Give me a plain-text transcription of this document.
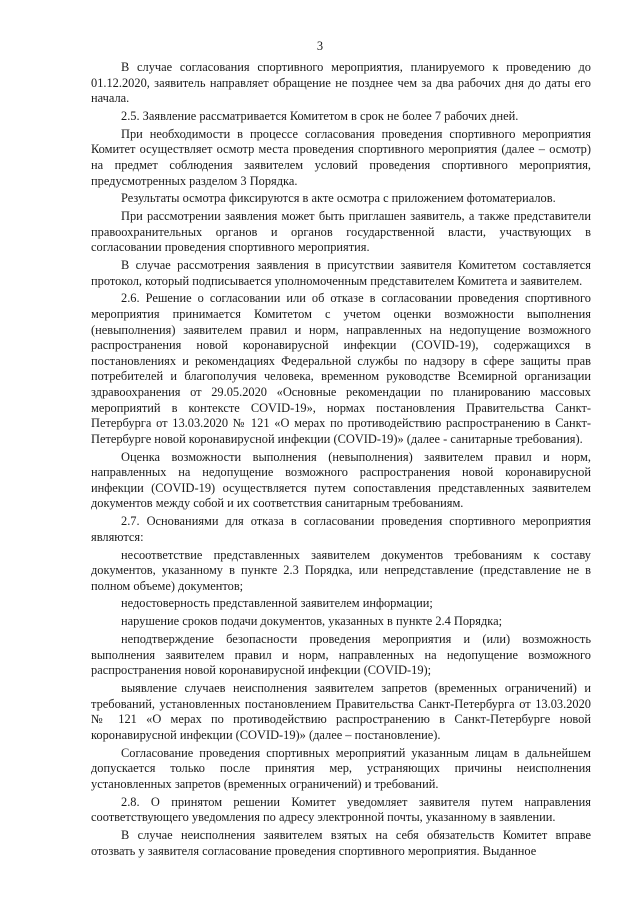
3

В случае согласования спортивного мероприятия, планируемого к проведению до 01.12.2020, заявитель направляет обращение не позднее чем за два рабочих дня до даты его начала.

2.5. Заявление рассматривается Комитетом в срок не более 7 рабочих дней.

При необходимости в процессе согласования проведения спортивного мероприятия Комитет осуществляет осмотр места проведения спортивного мероприятия (далее – осмотр) на предмет соблюдения заявителем условий проведения спортивного мероприятия, предусмотренных разделом 3 Порядка.

Результаты осмотра фиксируются в акте осмотра с приложением фотоматериалов.

При рассмотрении заявления может быть приглашен заявитель, а также представители правоохранительных органов и органов государственной власти, участвующих в согласовании проведения спортивного мероприятия.

В случае рассмотрения заявления в присутствии заявителя Комитетом составляется протокол, который подписывается уполномоченным представителем Комитета и заявителем.

2.6. Решение о согласовании или об отказе в согласовании проведения спортивного мероприятия принимается Комитетом с учетом оценки возможности выполнения (невыполнения) заявителем правил и норм, направленных на недопущение возможного распространения новой коронавирусной инфекции (COVID-19), содержащихся в постановлениях и рекомендациях Федеральной службы по надзору в сфере защиты прав потребителей и благополучия человека, временном руководстве Всемирной организации здравоохранения от 29.05.2020 «Основные рекомендации по планированию массовых мероприятий в контексте COVID-19», нормах постановления Правительства Санкт-Петербурга от 13.03.2020 № 121 «О мерах по противодействию распространению в Санкт-Петербурге новой коронавирусной инфекции (COVID-19)» (далее - санитарные требования).

Оценка возможности выполнения (невыполнения) заявителем правил и норм, направленных на недопущение возможного распространения новой коронавирусной инфекции (COVID-19) осуществляется путем сопоставления представленных заявителем документов между собой и их соответствия санитарным требованиям.

2.7. Основаниями для отказа в согласовании проведения спортивного мероприятия являются:

несоответствие представленных заявителем документов требованиям к составу документов, указанному в пункте 2.3 Порядка, или непредставление (представление не в полном объеме) документов;

недостоверность представленной заявителем информации;

нарушение сроков подачи документов, указанных в пункте 2.4 Порядка;

неподтверждение безопасности проведения мероприятия и (или) возможность выполнения заявителем правил и норм, направленных на недопущение возможного распространения новой коронавирусной инфекции (COVID-19);

выявление случаев неисполнения заявителем запретов (временных ограничений) и требований, установленных постановлением Правительства Санкт-Петербурга от 13.03.2020 № 121 «О мерах по противодействию распространению в Санкт-Петербурге новой коронавирусной инфекции (COVID-19)» (далее – постановление).

Согласование проведения спортивных мероприятий указанным лицам в дальнейшем допускается только после принятия мер, устраняющих причины неисполнения установленных запретов (временных ограничений) и требований.

2.8. О принятом решении Комитет уведомляет заявителя путем направления соответствующего уведомления по адресу электронной почты, указанному в заявлении.

В случае неисполнения заявителем взятых на себя обязательств Комитет вправе отозвать у заявителя согласование проведения спортивного мероприятия. Выданное
